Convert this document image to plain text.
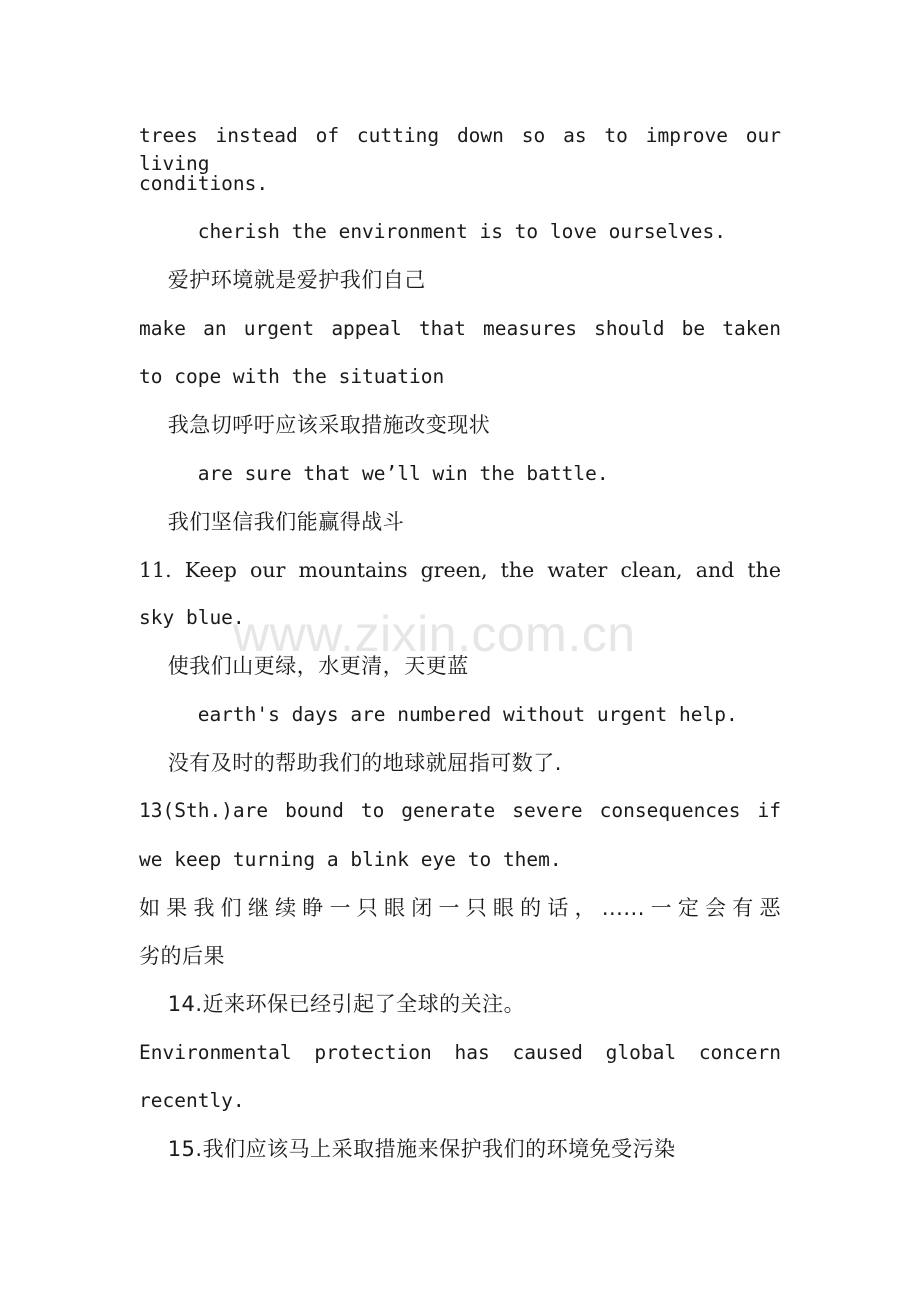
trees instead of cutting down so as to improve our living
conditions.
cherish the environment is to love ourselves.
爱护环境就是爱护我们自己
make an urgent appeal that measures should be taken
to cope with the situation
我急切呼吁应该采取措施改变现状
are sure that we’ll win the battle.
我们坚信我们能赢得战斗
11. Keep our mountains green, the water clean, and the
sky blue.
使我们山更绿，水更清，天更蓝
earth's days are numbered without urgent help.
没有及时的帮助我们的地球就屈指可数了.
13(Sth.)are bound to generate severe consequences if
we keep turning a blink eye to them.
如果我们继续睁一只眼闭一只眼的话，......一定会有恶
劣的后果
14.近来环保已经引起了全球的关注。
Environmental protection has caused global concern
recently.
15.我们应该马上采取措施来保护我们的环境免受污染
www.zixin.com.cn
